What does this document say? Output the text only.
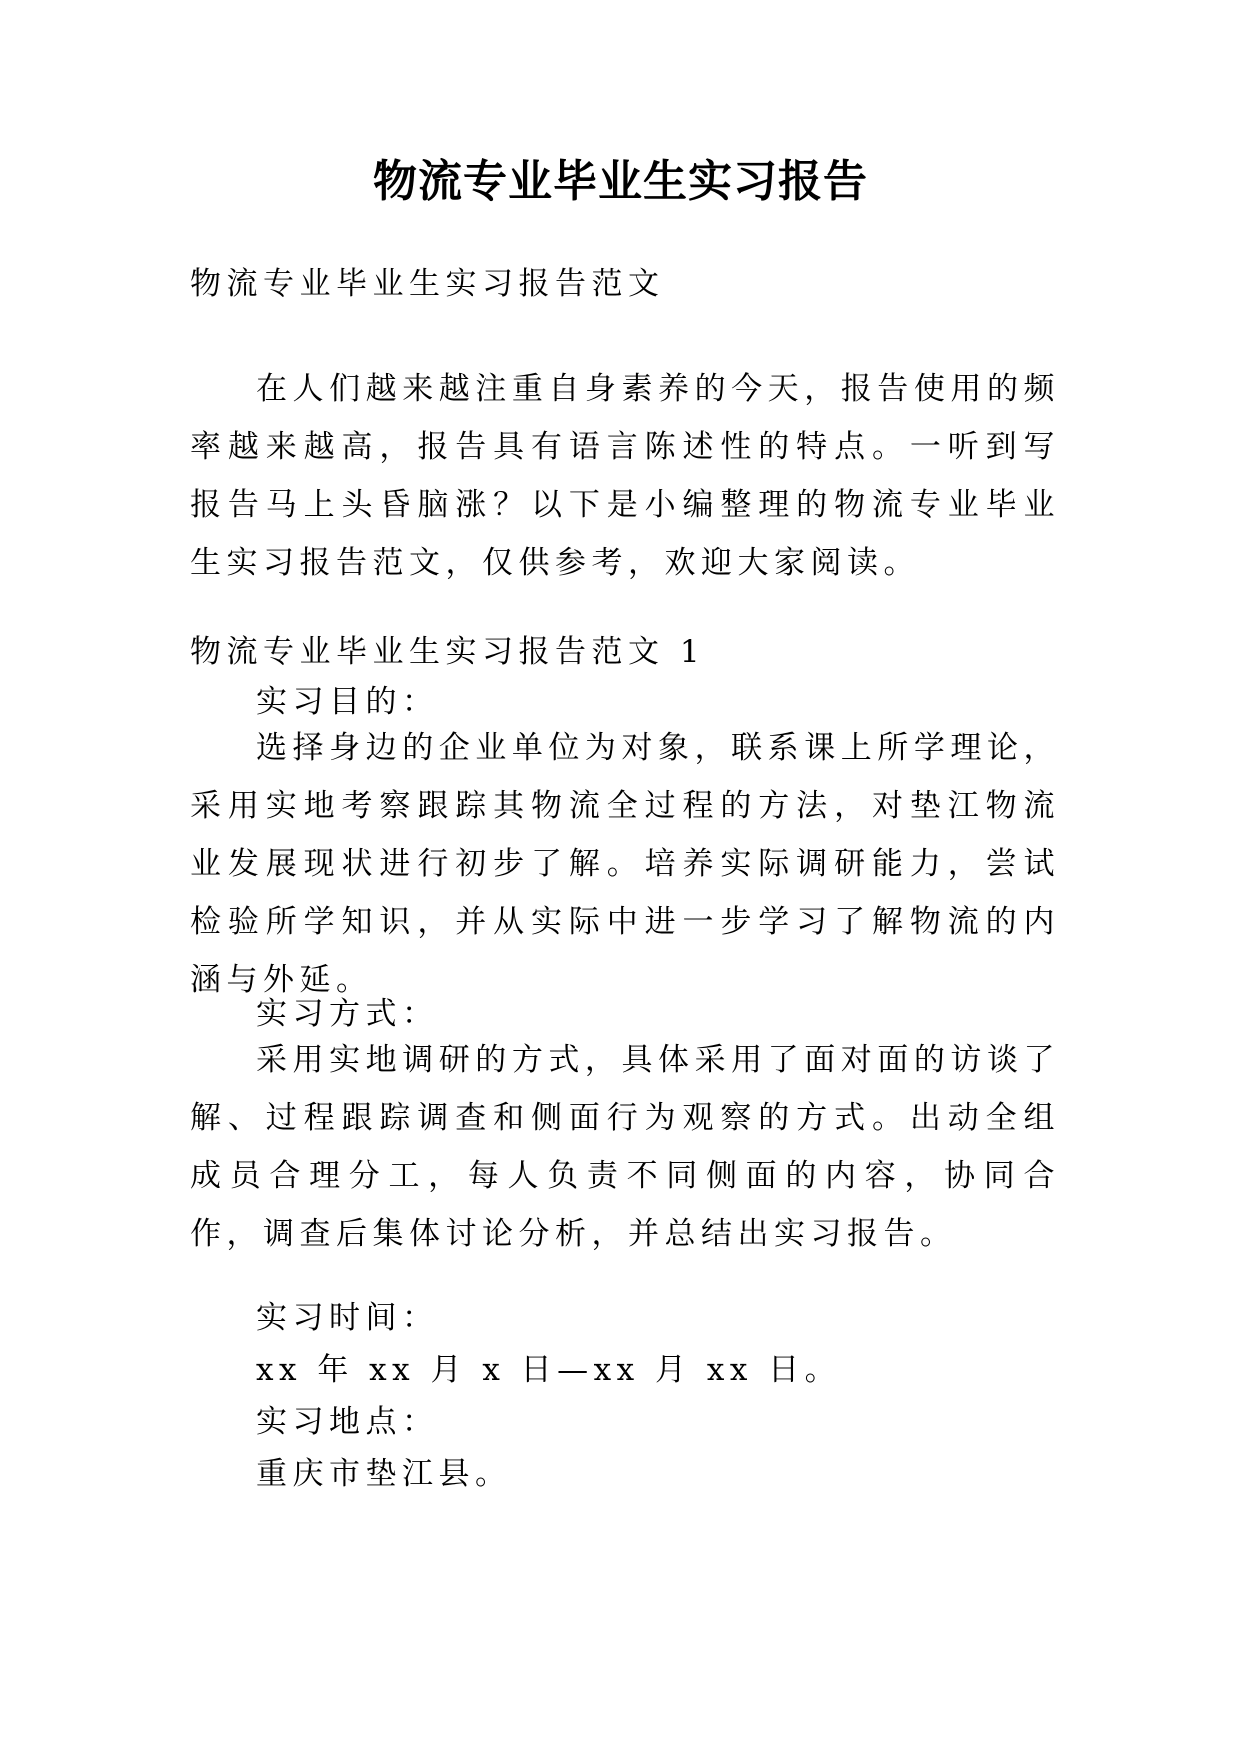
物流专业毕业生实习报告
物流专业毕业生实习报告范文
在人们越来越注重自身素养的今天，报告使用的频率越来越高，报告具有语言陈述性的特点。一听到写报告马上头昏脑涨？以下是小编整理的物流专业毕业生实习报告范文，仅供参考，欢迎大家阅读。
物流专业毕业生实习报告范文 1
实习目的：
选择身边的企业单位为对象，联系课上所学理论，采用实地考察跟踪其物流全过程的方法，对垫江物流业发展现状进行初步了解。培养实际调研能力，尝试检验所学知识，并从实际中进一步学习了解物流的内涵与外延。
实习方式：
采用实地调研的方式，具体采用了面对面的访谈了解、过程跟踪调查和侧面行为观察的方式。出动全组成员合理分工，每人负责不同侧面的内容，协同合作，调查后集体讨论分析，并总结出实习报告。
实习时间：
xx 年 xx 月 x 日—xx 月 xx 日。
实习地点：
重庆市垫江县。
